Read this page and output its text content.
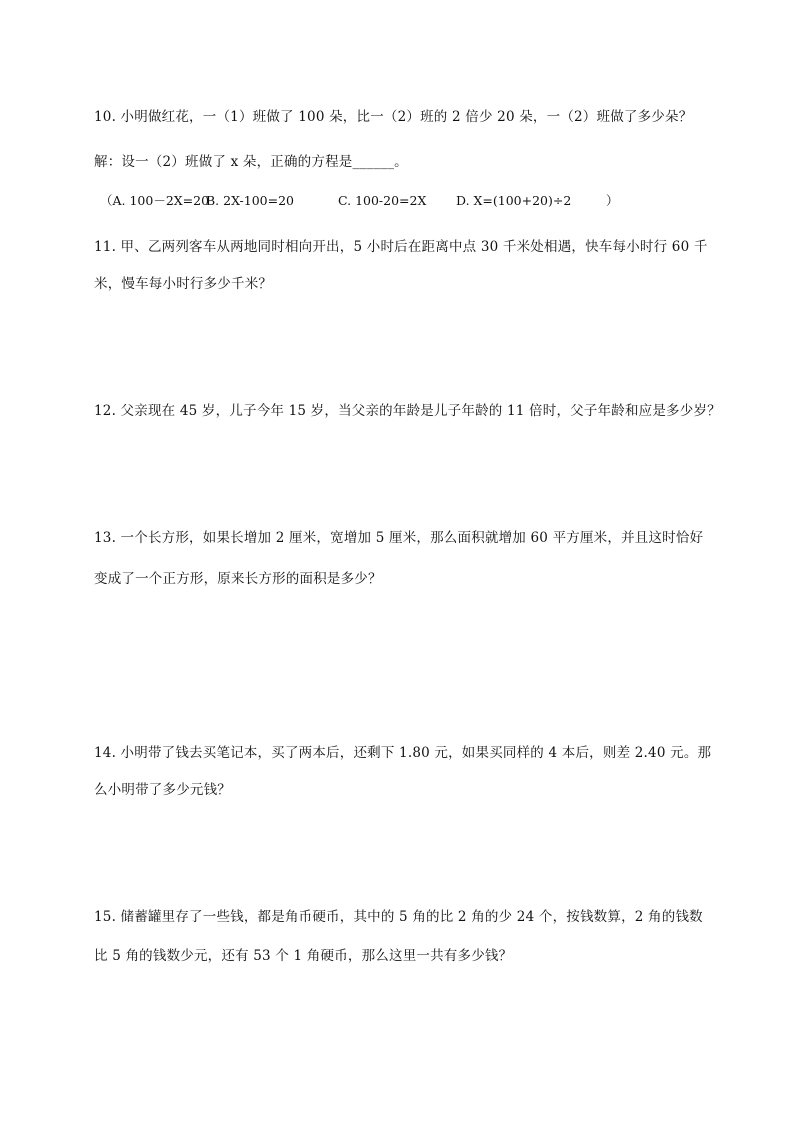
10. 小明做红花，一（1）班做了 100 朵，比一（2）班的 2 倍少 20 朵，一（2）班做了多少朵？
解：设一（2）班做了 x 朵，正确的方程是______。
（A. 100－2X=20
B. 2X-100=20	C. 100-20=2X D. X=(100+20)÷2	）
11. 甲、乙两列客车从两地同时相向开出，5 小时后在距离中点 30 千米处相遇，快车每小时行 60 千
米，慢车每小时行多少千米？
12. 父亲现在 45 岁，儿子今年 15 岁，当父亲的年龄是儿子年龄的 11 倍时，父子年龄和应是多少岁？
13. 一个长方形，如果长增加 2 厘米，宽增加 5 厘米，那么面积就增加 60 平方厘米，并且这时恰好
变成了一个正方形，原来长方形的面积是多少？
14. 小明带了钱去买笔记本，买了两本后，还剩下 1.80 元，如果买同样的 4 本后，则差 2.40 元。那
么小明带了多少元钱？
15. 储蓄罐里存了一些钱，都是角币硬币，其中的 5 角的比 2 角的少 24 个，按钱数算，2 角的钱数
比 5 角的钱数少元，还有 53 个 1 角硬币，那么这里一共有多少钱？
